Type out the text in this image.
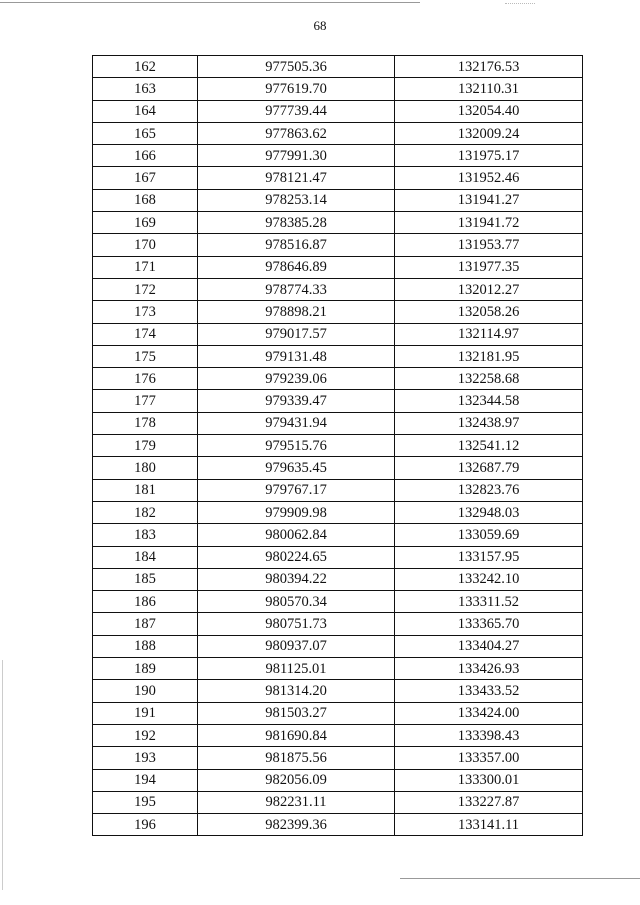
68
162	977505.36	132176.53
163	977619.70	132110.31
164	977739.44	132054.40
165	977863.62	132009.24
166	977991.30	131975.17
167	978121.47	131952.46
168	978253.14	131941.27
169	978385.28	131941.72
170	978516.87	131953.77
171	978646.89	131977.35
172	978774.33	132012.27
173	978898.21	132058.26
174	979017.57	132114.97
175	979131.48	132181.95
176	979239.06	132258.68
177	979339.47	132344.58
178	979431.94	132438.97
179	979515.76	132541.12
180	979635.45	132687.79
181	979767.17	132823.76
182	979909.98	132948.03
183	980062.84	133059.69
184	980224.65	133157.95
185	980394.22	133242.10
186	980570.34	133311.52
187	980751.73	133365.70
188	980937.07	133404.27
189	981125.01	133426.93
190	981314.20	133433.52
191	981503.27	133424.00
192	981690.84	133398.43
193	981875.56	133357.00
194	982056.09	133300.01
195	982231.11	133227.87
196	982399.36	133141.11
